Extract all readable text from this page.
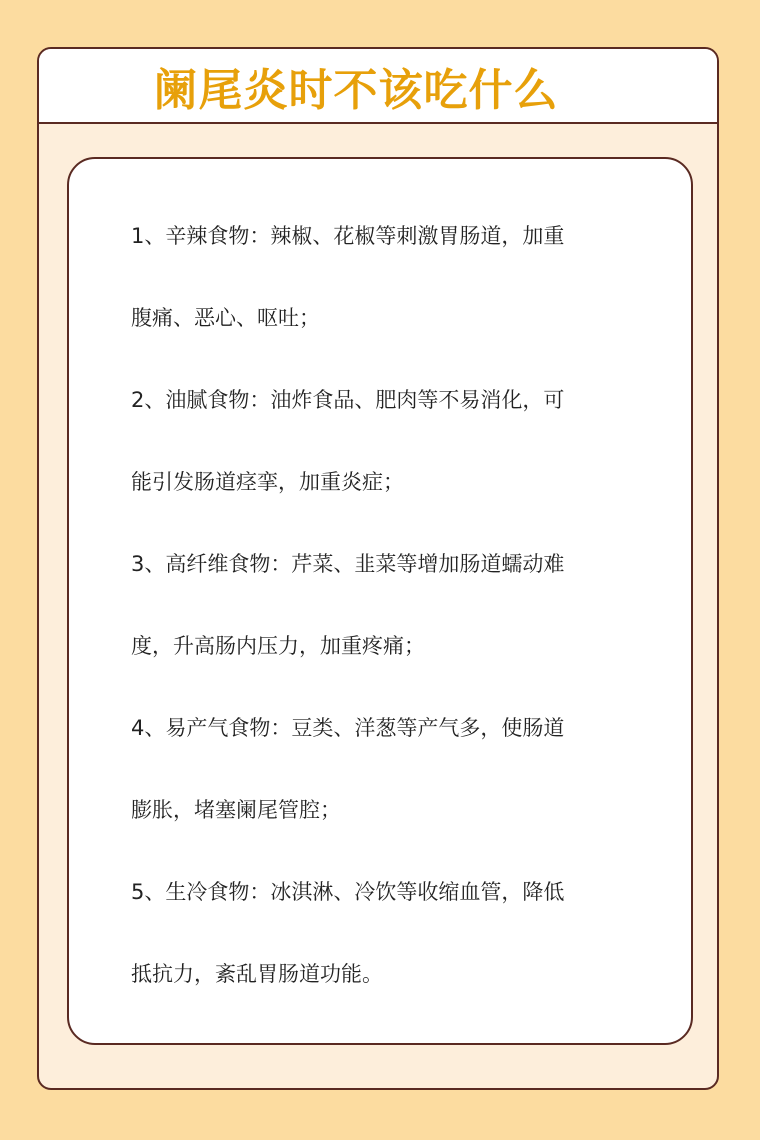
阑尾炎时不该吃什么
1、辛辣食物：辣椒、花椒等刺激胃肠道，加重
腹痛、恶心、呕吐；
2、油腻食物：油炸食品、肥肉等不易消化，可
能引发肠道痉挛，加重炎症；
3、高纤维食物：芹菜、韭菜等增加肠道蠕动难
度，升高肠内压力，加重疼痛；
4、易产气食物：豆类、洋葱等产气多，使肠道
膨胀，堵塞阑尾管腔；
5、生冷食物：冰淇淋、冷饮等收缩血管，降低
抵抗力，紊乱胃肠道功能。
